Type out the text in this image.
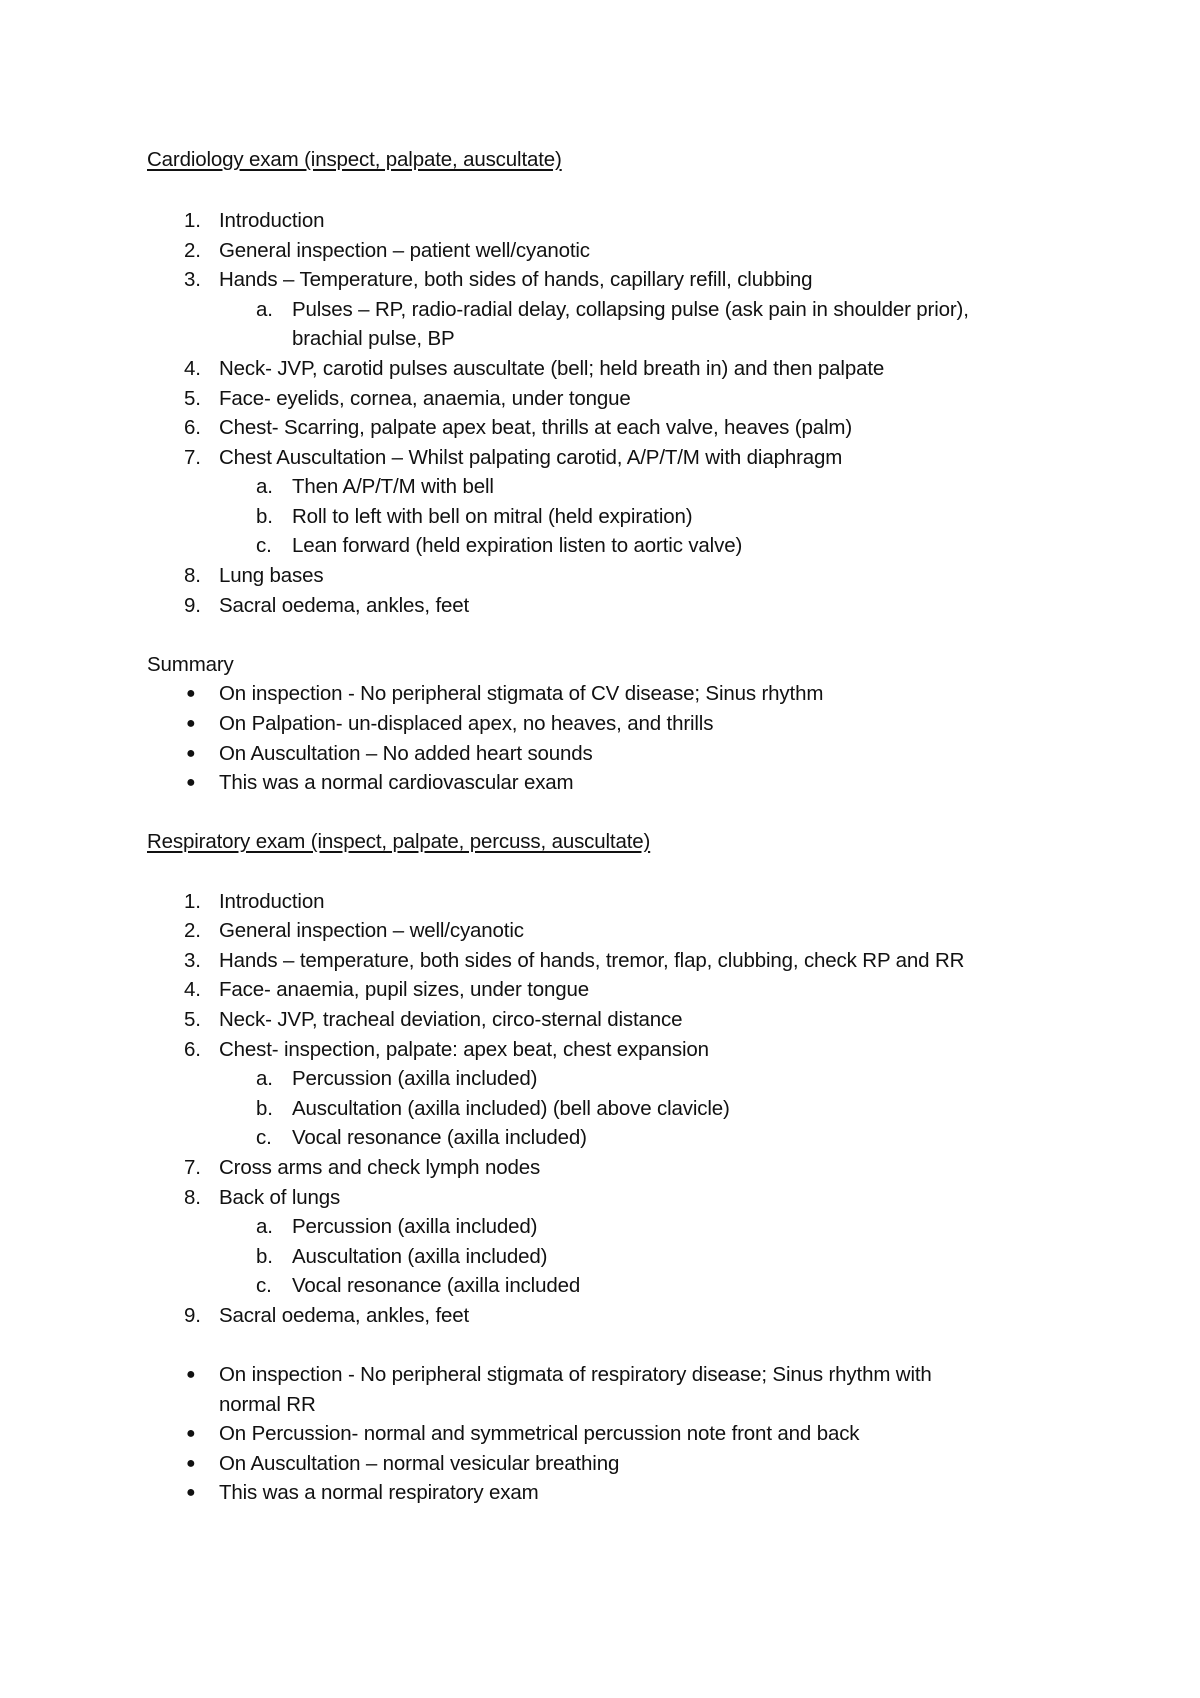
Cardiology exam (inspect, palpate, auscultate)
1. Introduction
2. General inspection – patient well/cyanotic
3. Hands – Temperature, both sides of hands, capillary refill, clubbing
a. Pulses – RP, radio-radial delay, collapsing pulse (ask pain in shoulder prior),
brachial pulse, BP
4. Neck- JVP, carotid pulses auscultate (bell; held breath in) and then palpate
5. Face- eyelids, cornea, anaemia, under tongue
6. Chest- Scarring, palpate apex beat, thrills at each valve, heaves (palm)
7. Chest Auscultation – Whilst palpating carotid, A/P/T/M with diaphragm
a. Then A/P/T/M with bell
b. Roll to left with bell on mitral (held expiration)
c. Lean forward (held expiration listen to aortic valve)
8. Lung bases
9. Sacral oedema, ankles, feet
Summary
● On inspection - No peripheral stigmata of CV disease; Sinus rhythm
● On Palpation- un-displaced apex, no heaves, and thrills
● On Auscultation – No added heart sounds
● This was a normal cardiovascular exam
Respiratory exam (inspect, palpate, percuss, auscultate)
1. Introduction
2. General inspection – well/cyanotic
3. Hands – temperature, both sides of hands, tremor, flap, clubbing, check RP and RR
4. Face- anaemia, pupil sizes, under tongue
5. Neck- JVP, tracheal deviation, circo-sternal distance
6. Chest- inspection, palpate: apex beat, chest expansion
a. Percussion (axilla included)
b. Auscultation (axilla included) (bell above clavicle)
c. Vocal resonance (axilla included)
7. Cross arms and check lymph nodes
8. Back of lungs
a. Percussion (axilla included)
b. Auscultation (axilla included)
c. Vocal resonance (axilla included
9. Sacral oedema, ankles, feet
● On inspection - No peripheral stigmata of respiratory disease; Sinus rhythm with
normal RR
● On Percussion- normal and symmetrical percussion note front and back
● On Auscultation – normal vesicular breathing
● This was a normal respiratory exam
